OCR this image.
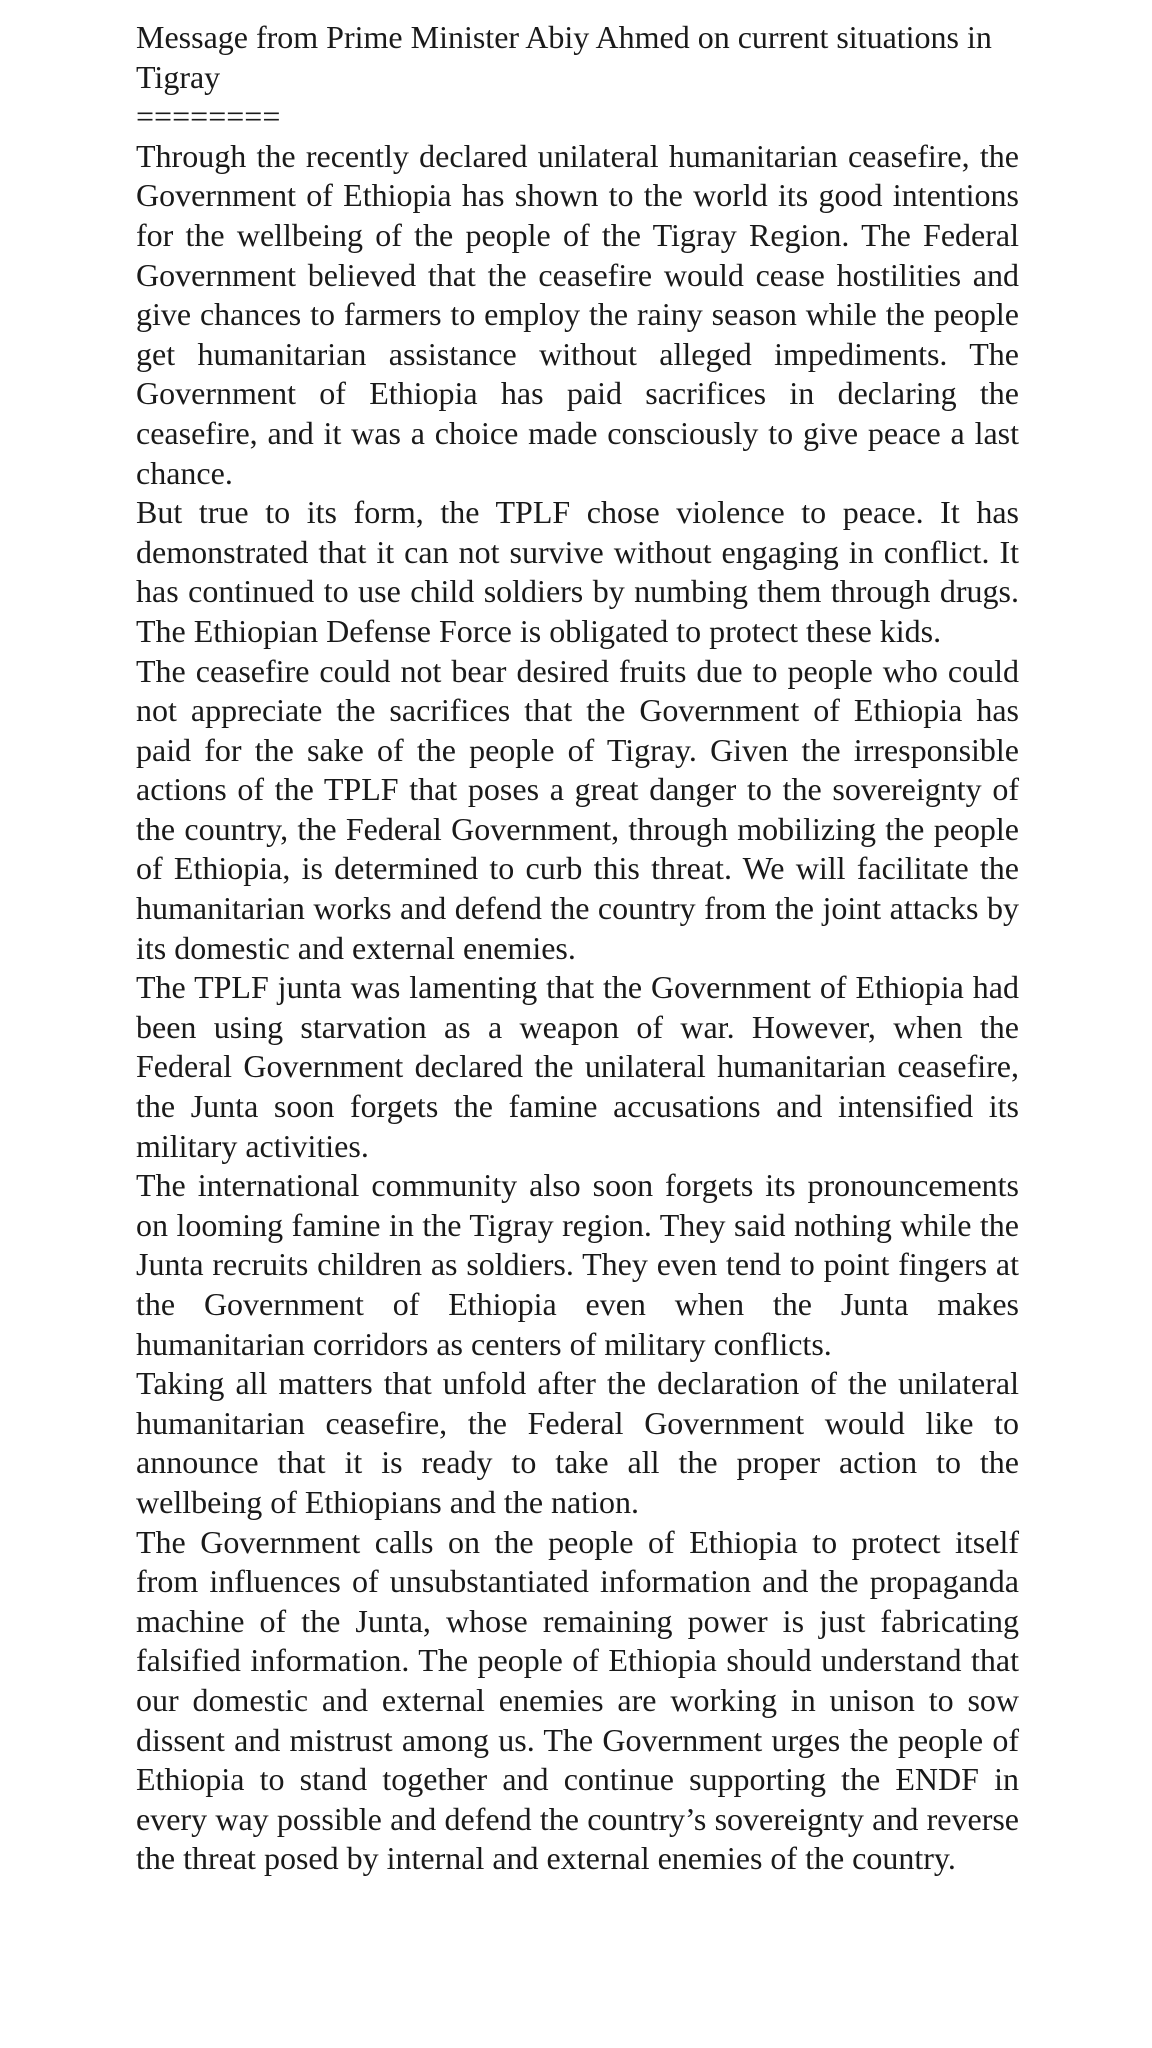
Message from Prime Minister Abiy Ahmed on current situations in Tigray

========

Through the recently declared unilateral humanitarian ceasefire, the Government of Ethiopia has shown to the world its good intentions for the wellbeing of the people of the Tigray Region. The Federal Government believed that the ceasefire would cease hostilities and give chances to farmers to employ the rainy season while the people get humanitarian assistance without alleged impediments. The Government of Ethiopia has paid sacrifices in declaring the ceasefire, and it was a choice made consciously to give peace a last chance.

But true to its form, the TPLF chose violence to peace. It has demonstrated that it can not survive without engaging in conflict. It has continued to use child soldiers by numbing them through drugs. The Ethiopian Defense Force is obligated to protect these kids.

The ceasefire could not bear desired fruits due to people who could not appreciate the sacrifices that the Government of Ethiopia has paid for the sake of the people of Tigray. Given the irresponsible actions of the TPLF that poses a great danger to the sovereignty of the country, the Federal Government, through mobilizing the people of Ethiopia, is determined to curb this threat. We will facilitate the humanitarian works and defend the country from the joint attacks by its domestic and external enemies.

The TPLF junta was lamenting that the Government of Ethiopia had been using starvation as a weapon of war. However, when the Federal Government declared the unilateral humanitarian ceasefire, the Junta soon forgets the famine accusations and intensified its military activities.

The international community also soon forgets its pronouncements on looming famine in the Tigray region. They said nothing while the Junta recruits children as soldiers. They even tend to point fingers at the Government of Ethiopia even when the Junta makes humanitarian corridors as centers of military conflicts.

Taking all matters that unfold after the declaration of the unilateral humanitarian ceasefire, the Federal Government would like to announce that it is ready to take all the proper action to the wellbeing of Ethiopians and the nation.

The Government calls on the people of Ethiopia to protect itself from influences of unsubstantiated information and the propaganda machine of the Junta, whose remaining power is just fabricating falsified information. The people of Ethiopia should understand that our domestic and external enemies are working in unison to sow dissent and mistrust among us. The Government urges the people of Ethiopia to stand together and continue supporting the ENDF in every way possible and defend the country’s sovereignty and reverse the threat posed by internal and external enemies of the country.
